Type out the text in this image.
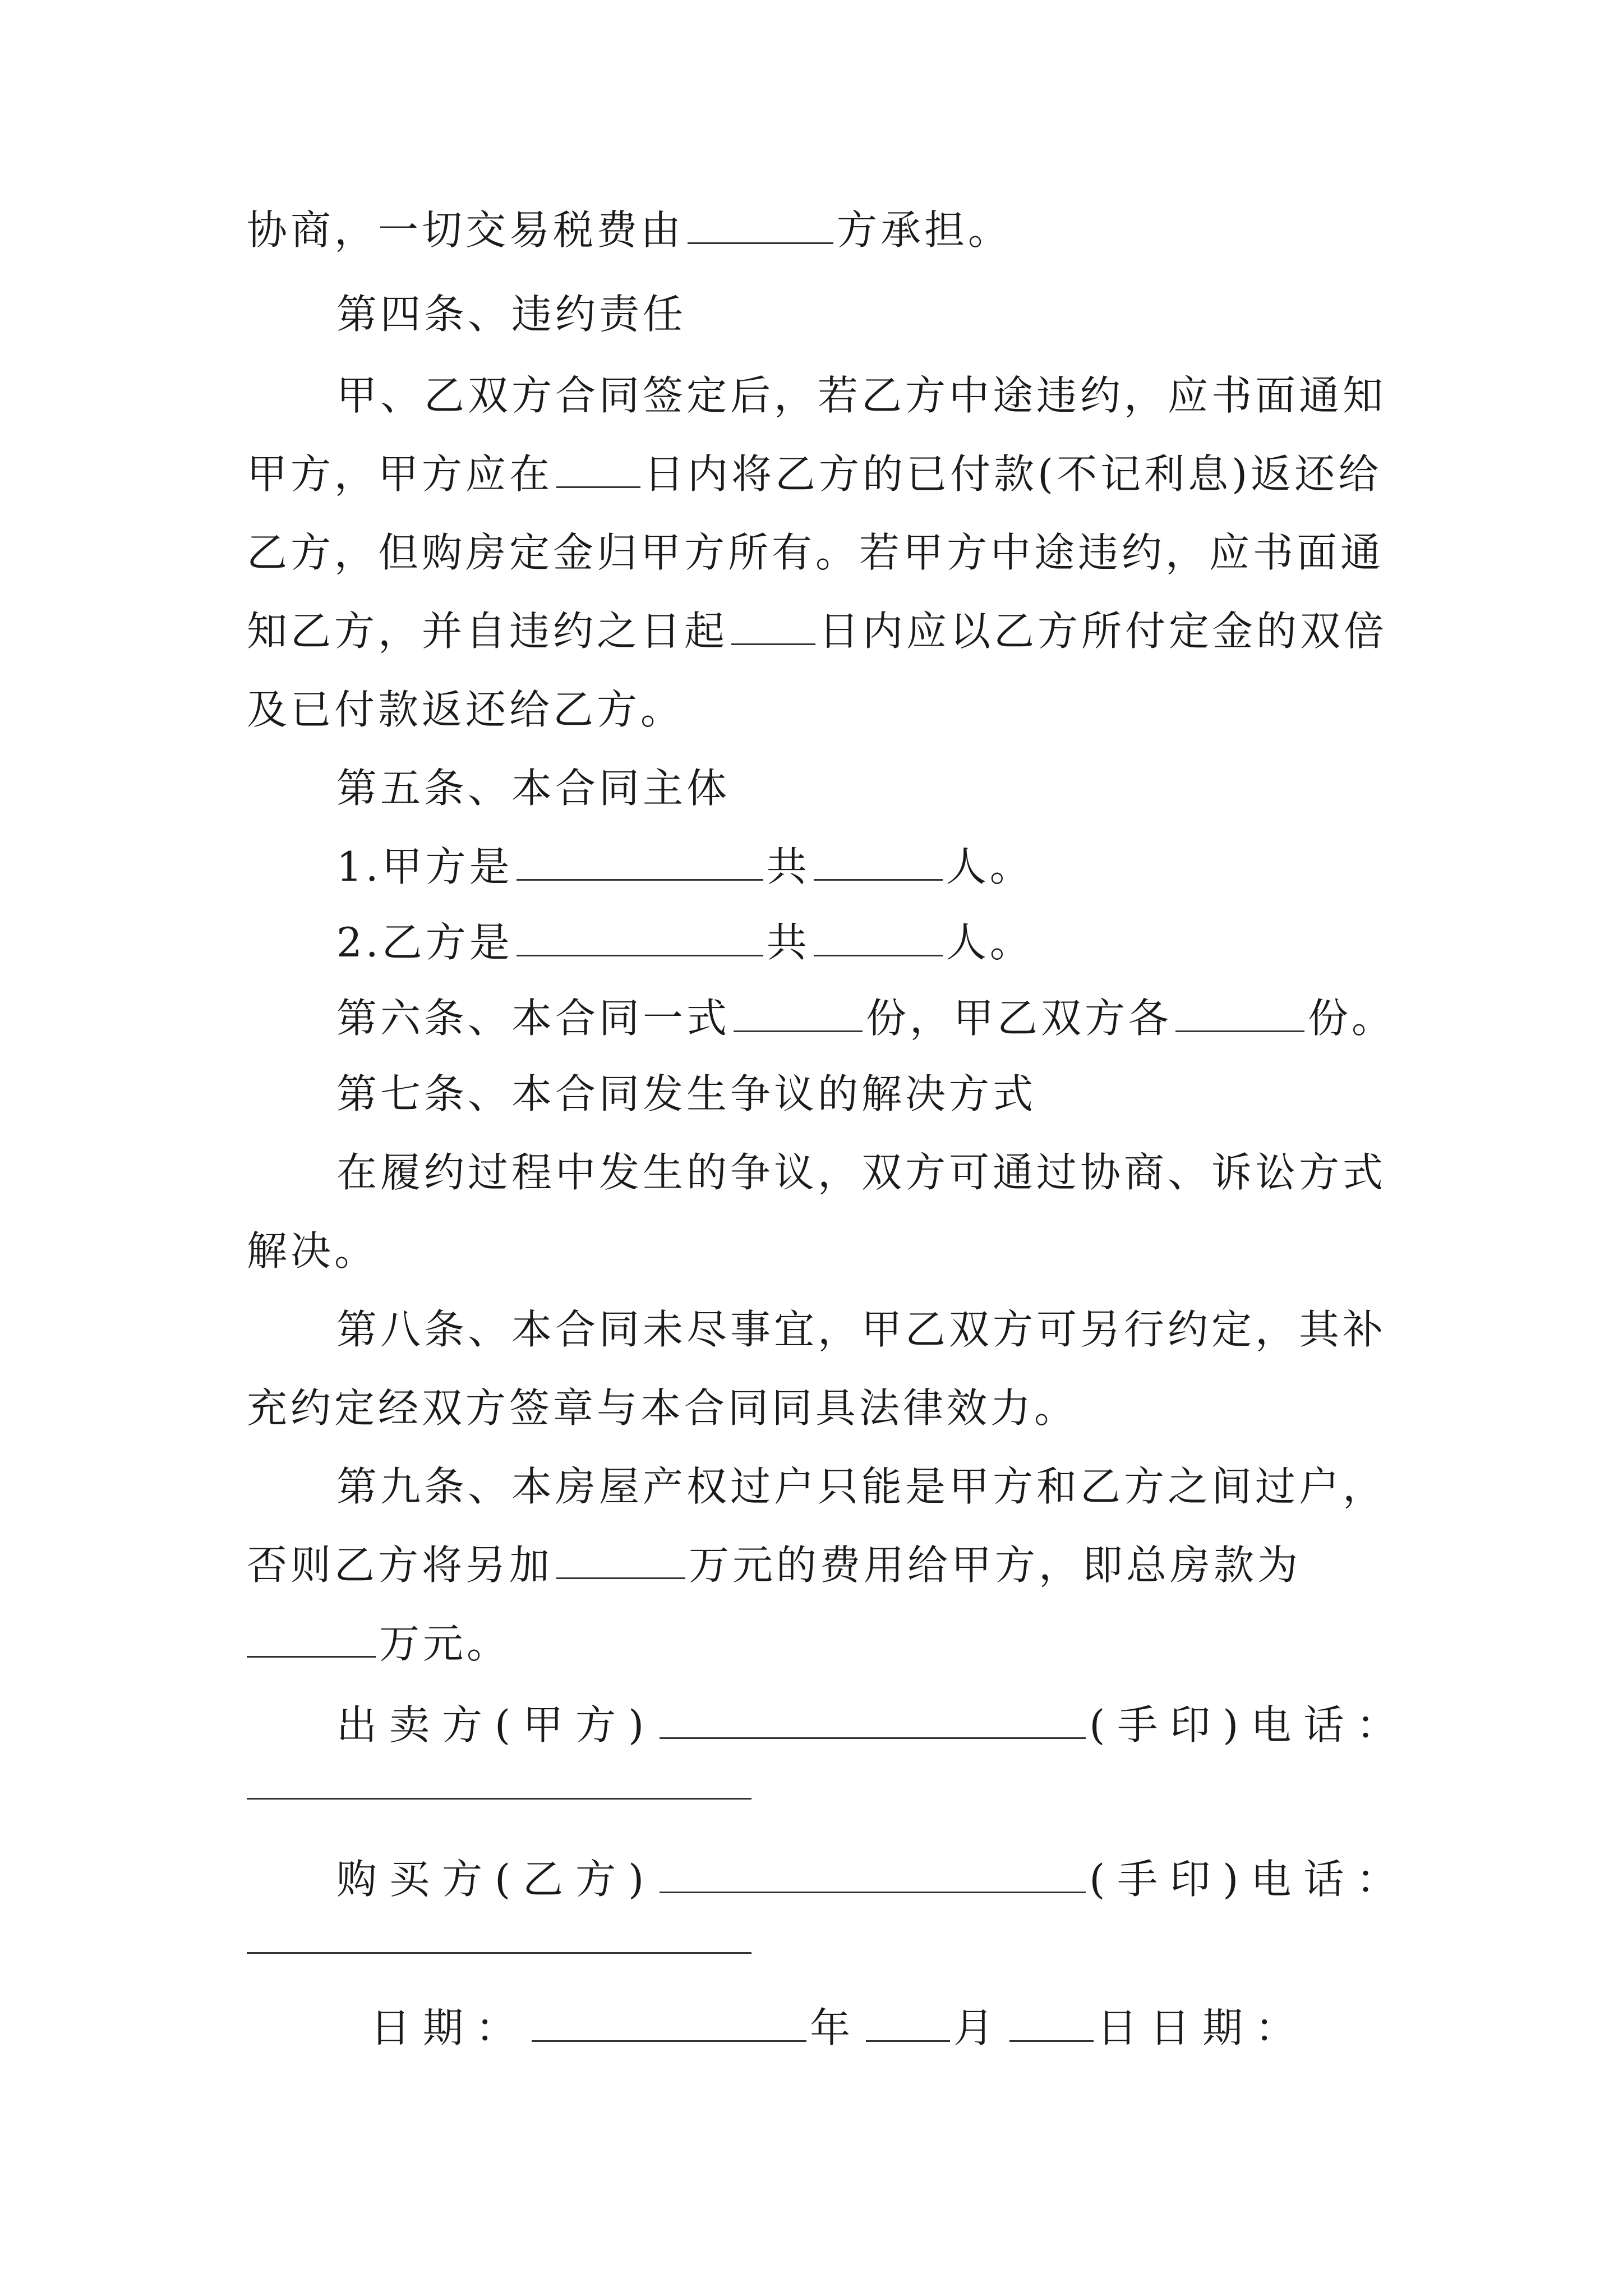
协商，一切交易税费由	方承担。
第四条、违约责任
甲、乙双方合同签定后，若乙方中途违约，应书面通知
甲方，甲方应在 日内将乙方的已付款(不记利息)返还给
乙方，但购房定金归甲方所有。若甲方中途违约，应书面通
知乙方，并自违约之日起 日内应以乙方所付定金的双倍
及已付款返还给乙方。
第五条、本合同主体
1.甲方是	共	人。
2.乙方是	共	人。
第六条、本合同一式	份，甲乙双方各	份。
第七条、本合同发生争议的解决方式
在履约过程中发生的争议，双方可通过协商、诉讼方式
解决。
第八条、本合同未尽事宜，甲乙双方可另行约定，其补
充约定经双方签章与本合同同具法律效力。
第九条、本房屋产权过户只能是甲方和乙方之间过户，
否则乙方将另加	万元的费用给甲方，即总房款为
万元。
出卖方(甲方)	(手印)电话：
购买方(乙方)	(手印)电话：
日期：	年 月 日日期：
